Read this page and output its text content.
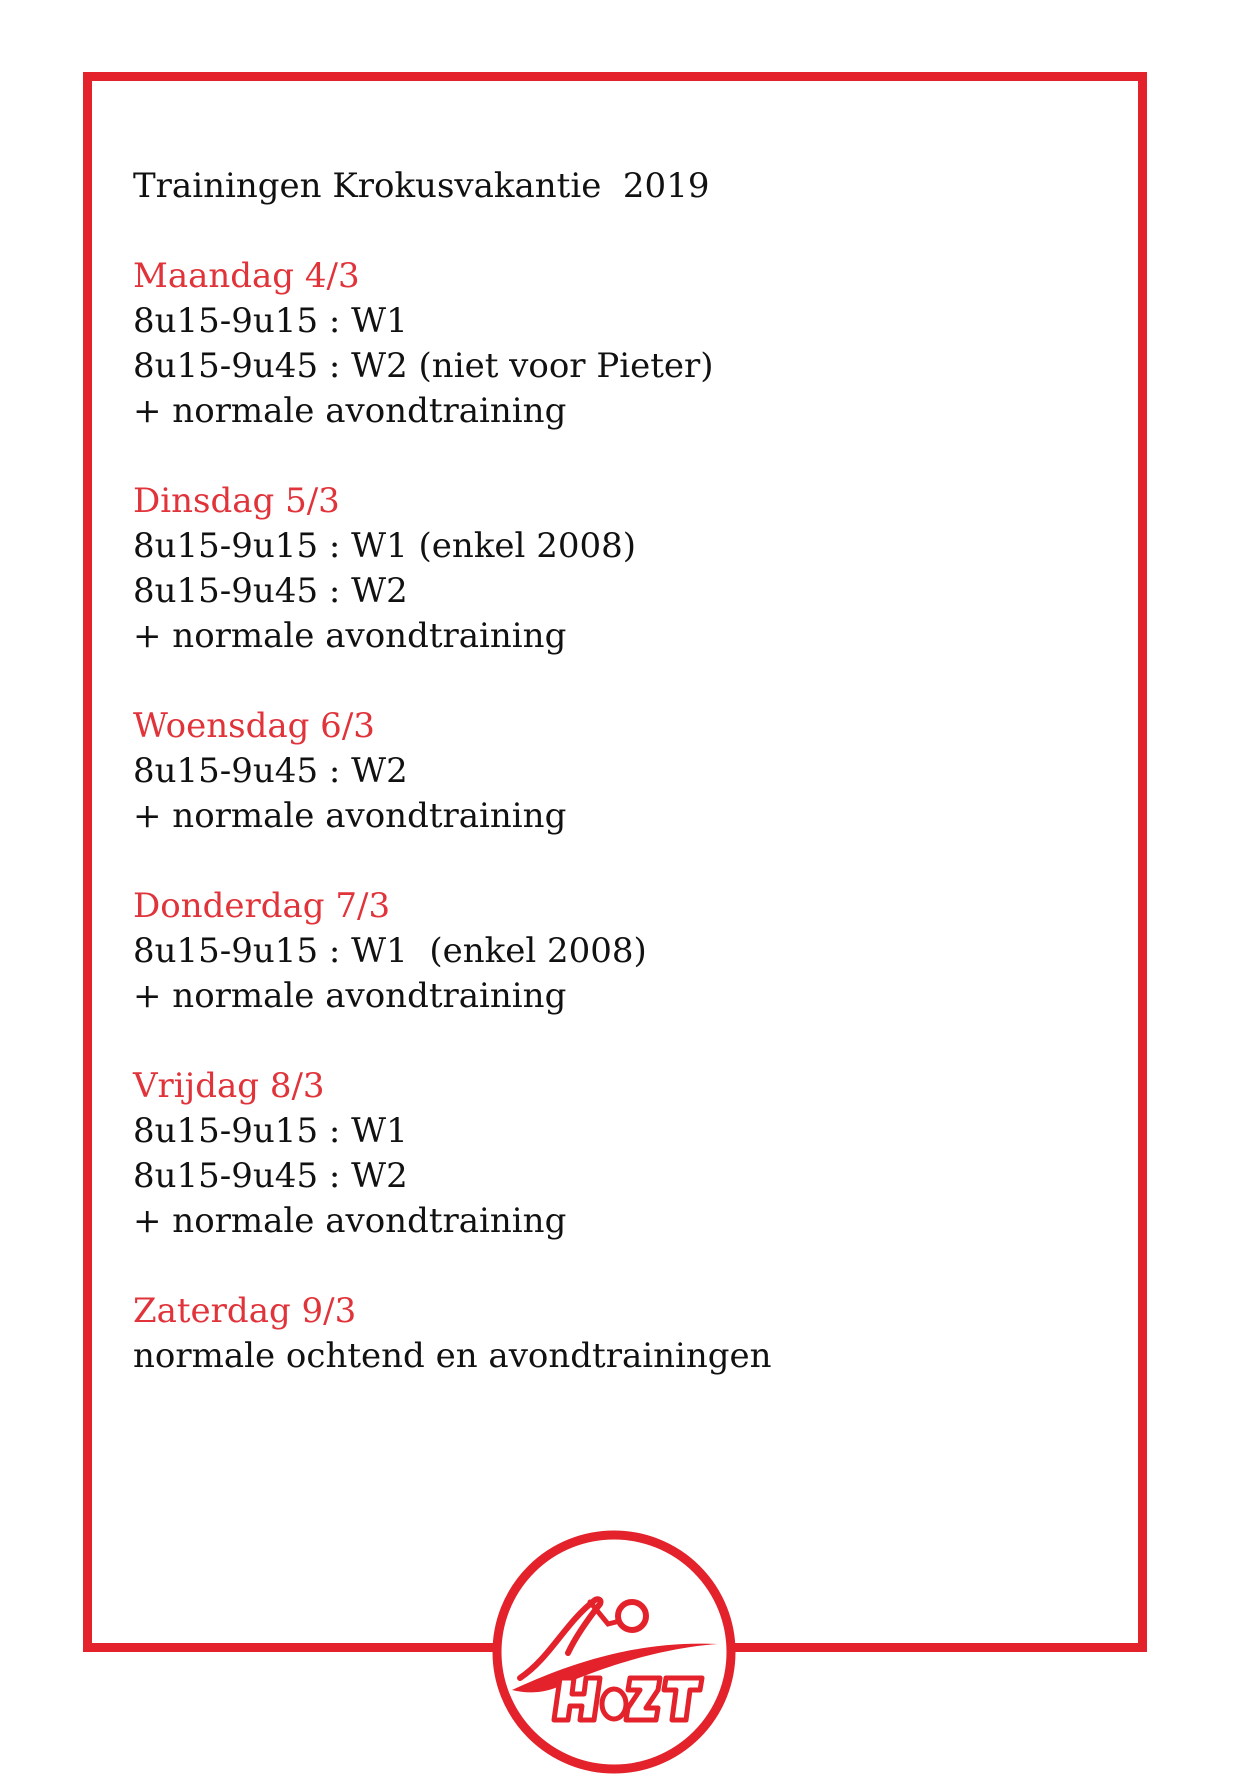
Trainingen Krokusvakantie  2019

Maandag 4/3

8u15-9u15 : W1

8u15-9u45 : W2 (niet voor Pieter)

+ normale avondtraining

Dinsdag 5/3

8u15-9u15 : W1 (enkel 2008)

8u15-9u45 : W2

+ normale avondtraining

Woensdag 6/3

8u15-9u45 : W2

+ normale avondtraining

Donderdag 7/3

8u15-9u15 : W1  (enkel 2008)

+ normale avondtraining

Vrijdag 8/3

8u15-9u15 : W1

8u15-9u45 : W2

+ normale avondtraining

Zaterdag 9/3

normale ochtend en avondtrainingen
